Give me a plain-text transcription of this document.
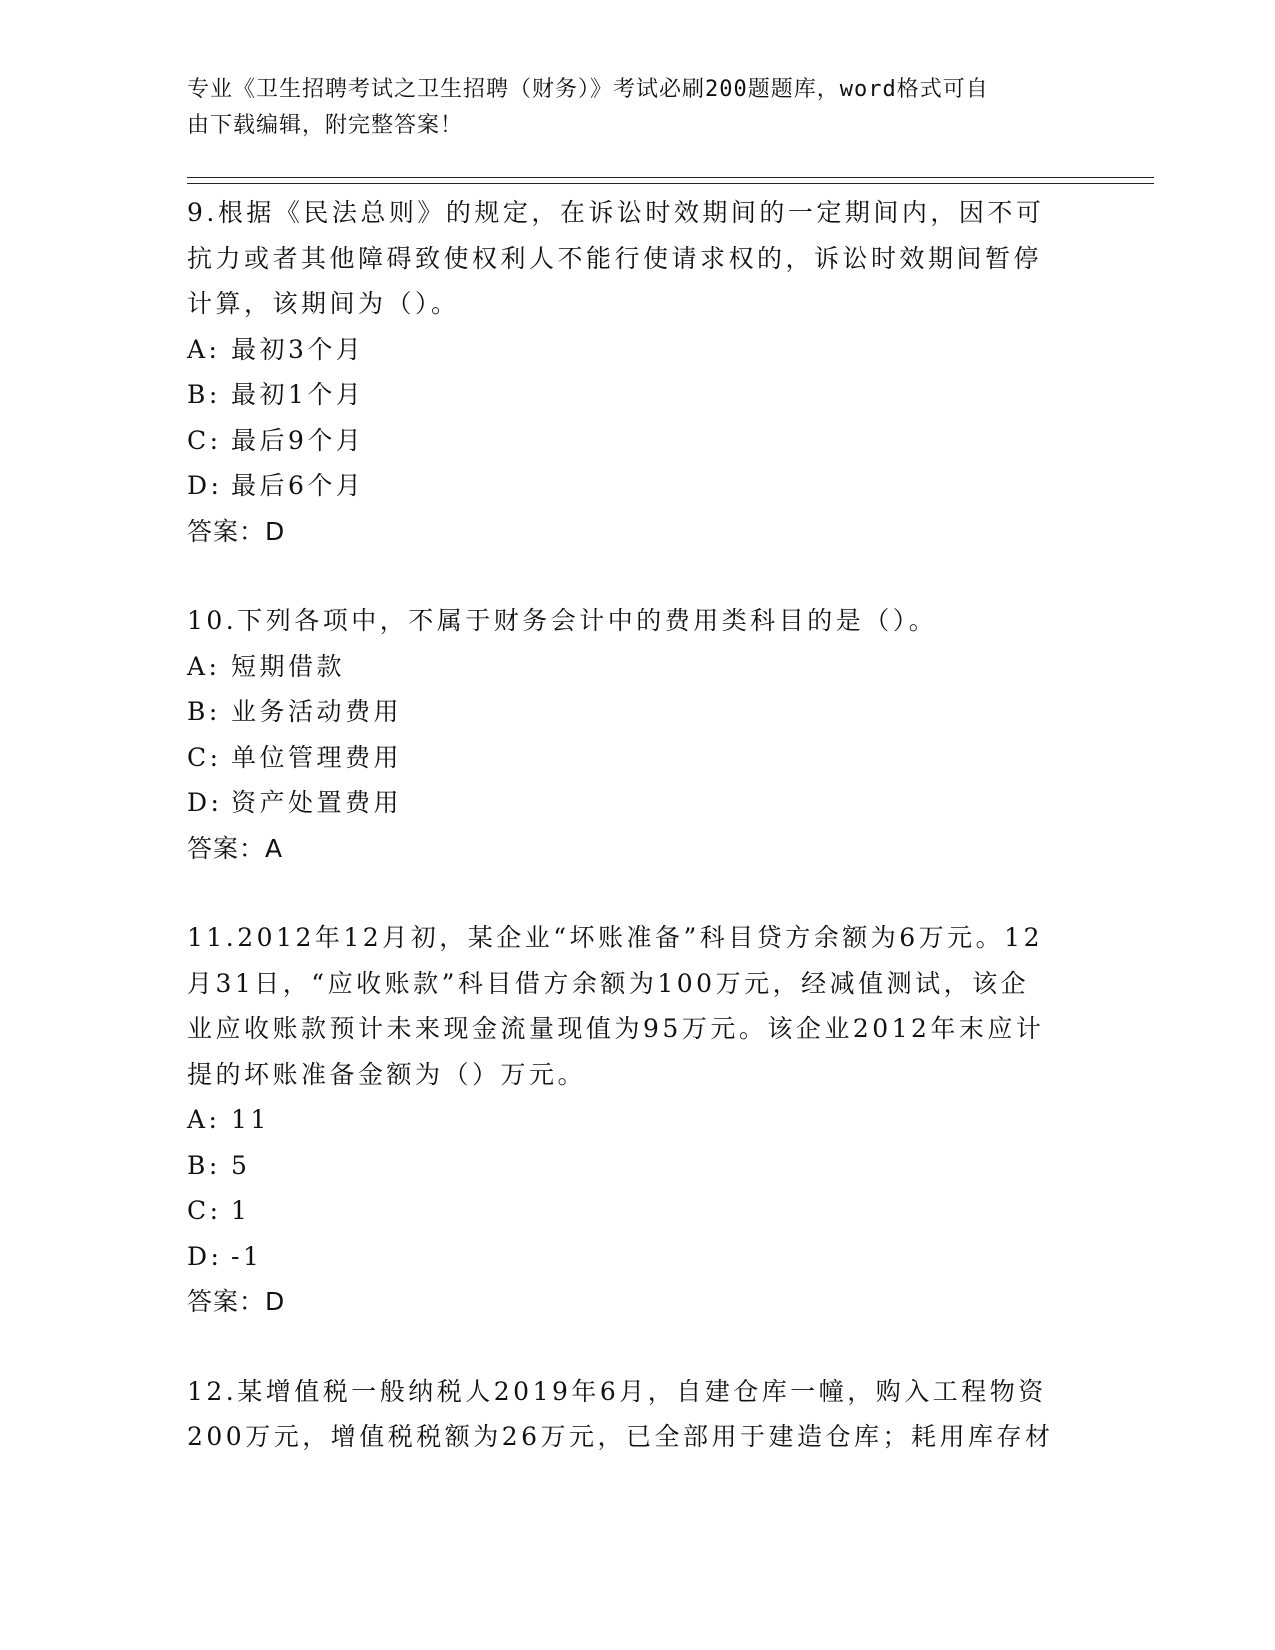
专业《卫生招聘考试之卫生招聘（财务）》考试必刷200题题库，word格式可自
由下载编辑，附完整答案！

9.根据《民法总则》的规定，在诉讼时效期间的一定期间内，因不可

抗力或者其他障碍致使权利人不能行使请求权的，诉讼时效期间暂停

计算，该期间为（）。

A: 最初3个月

B: 最初1个月

C: 最后9个月

D: 最后6个月

答案：D

10.下列各项中，不属于财务会计中的费用类科目的是（）。

A: 短期借款

B: 业务活动费用

C: 单位管理费用

D: 资产处置费用

答案：A

11.2012年12月初，某企业“坏账准备”科目贷方余额为6万元。12

月31日，“应收账款”科目借方余额为100万元，经减值测试，该企

业应收账款预计未来现金流量现值为95万元。该企业2012年末应计

提的坏账准备金额为（）万元。

A: 11

B: 5

C: 1

D: -1

答案：D

12.某增值税一般纳税人2019年6月，自建仓库一幢，购入工程物资

200万元，增值税税额为26万元，已全部用于建造仓库；耗用库存材
